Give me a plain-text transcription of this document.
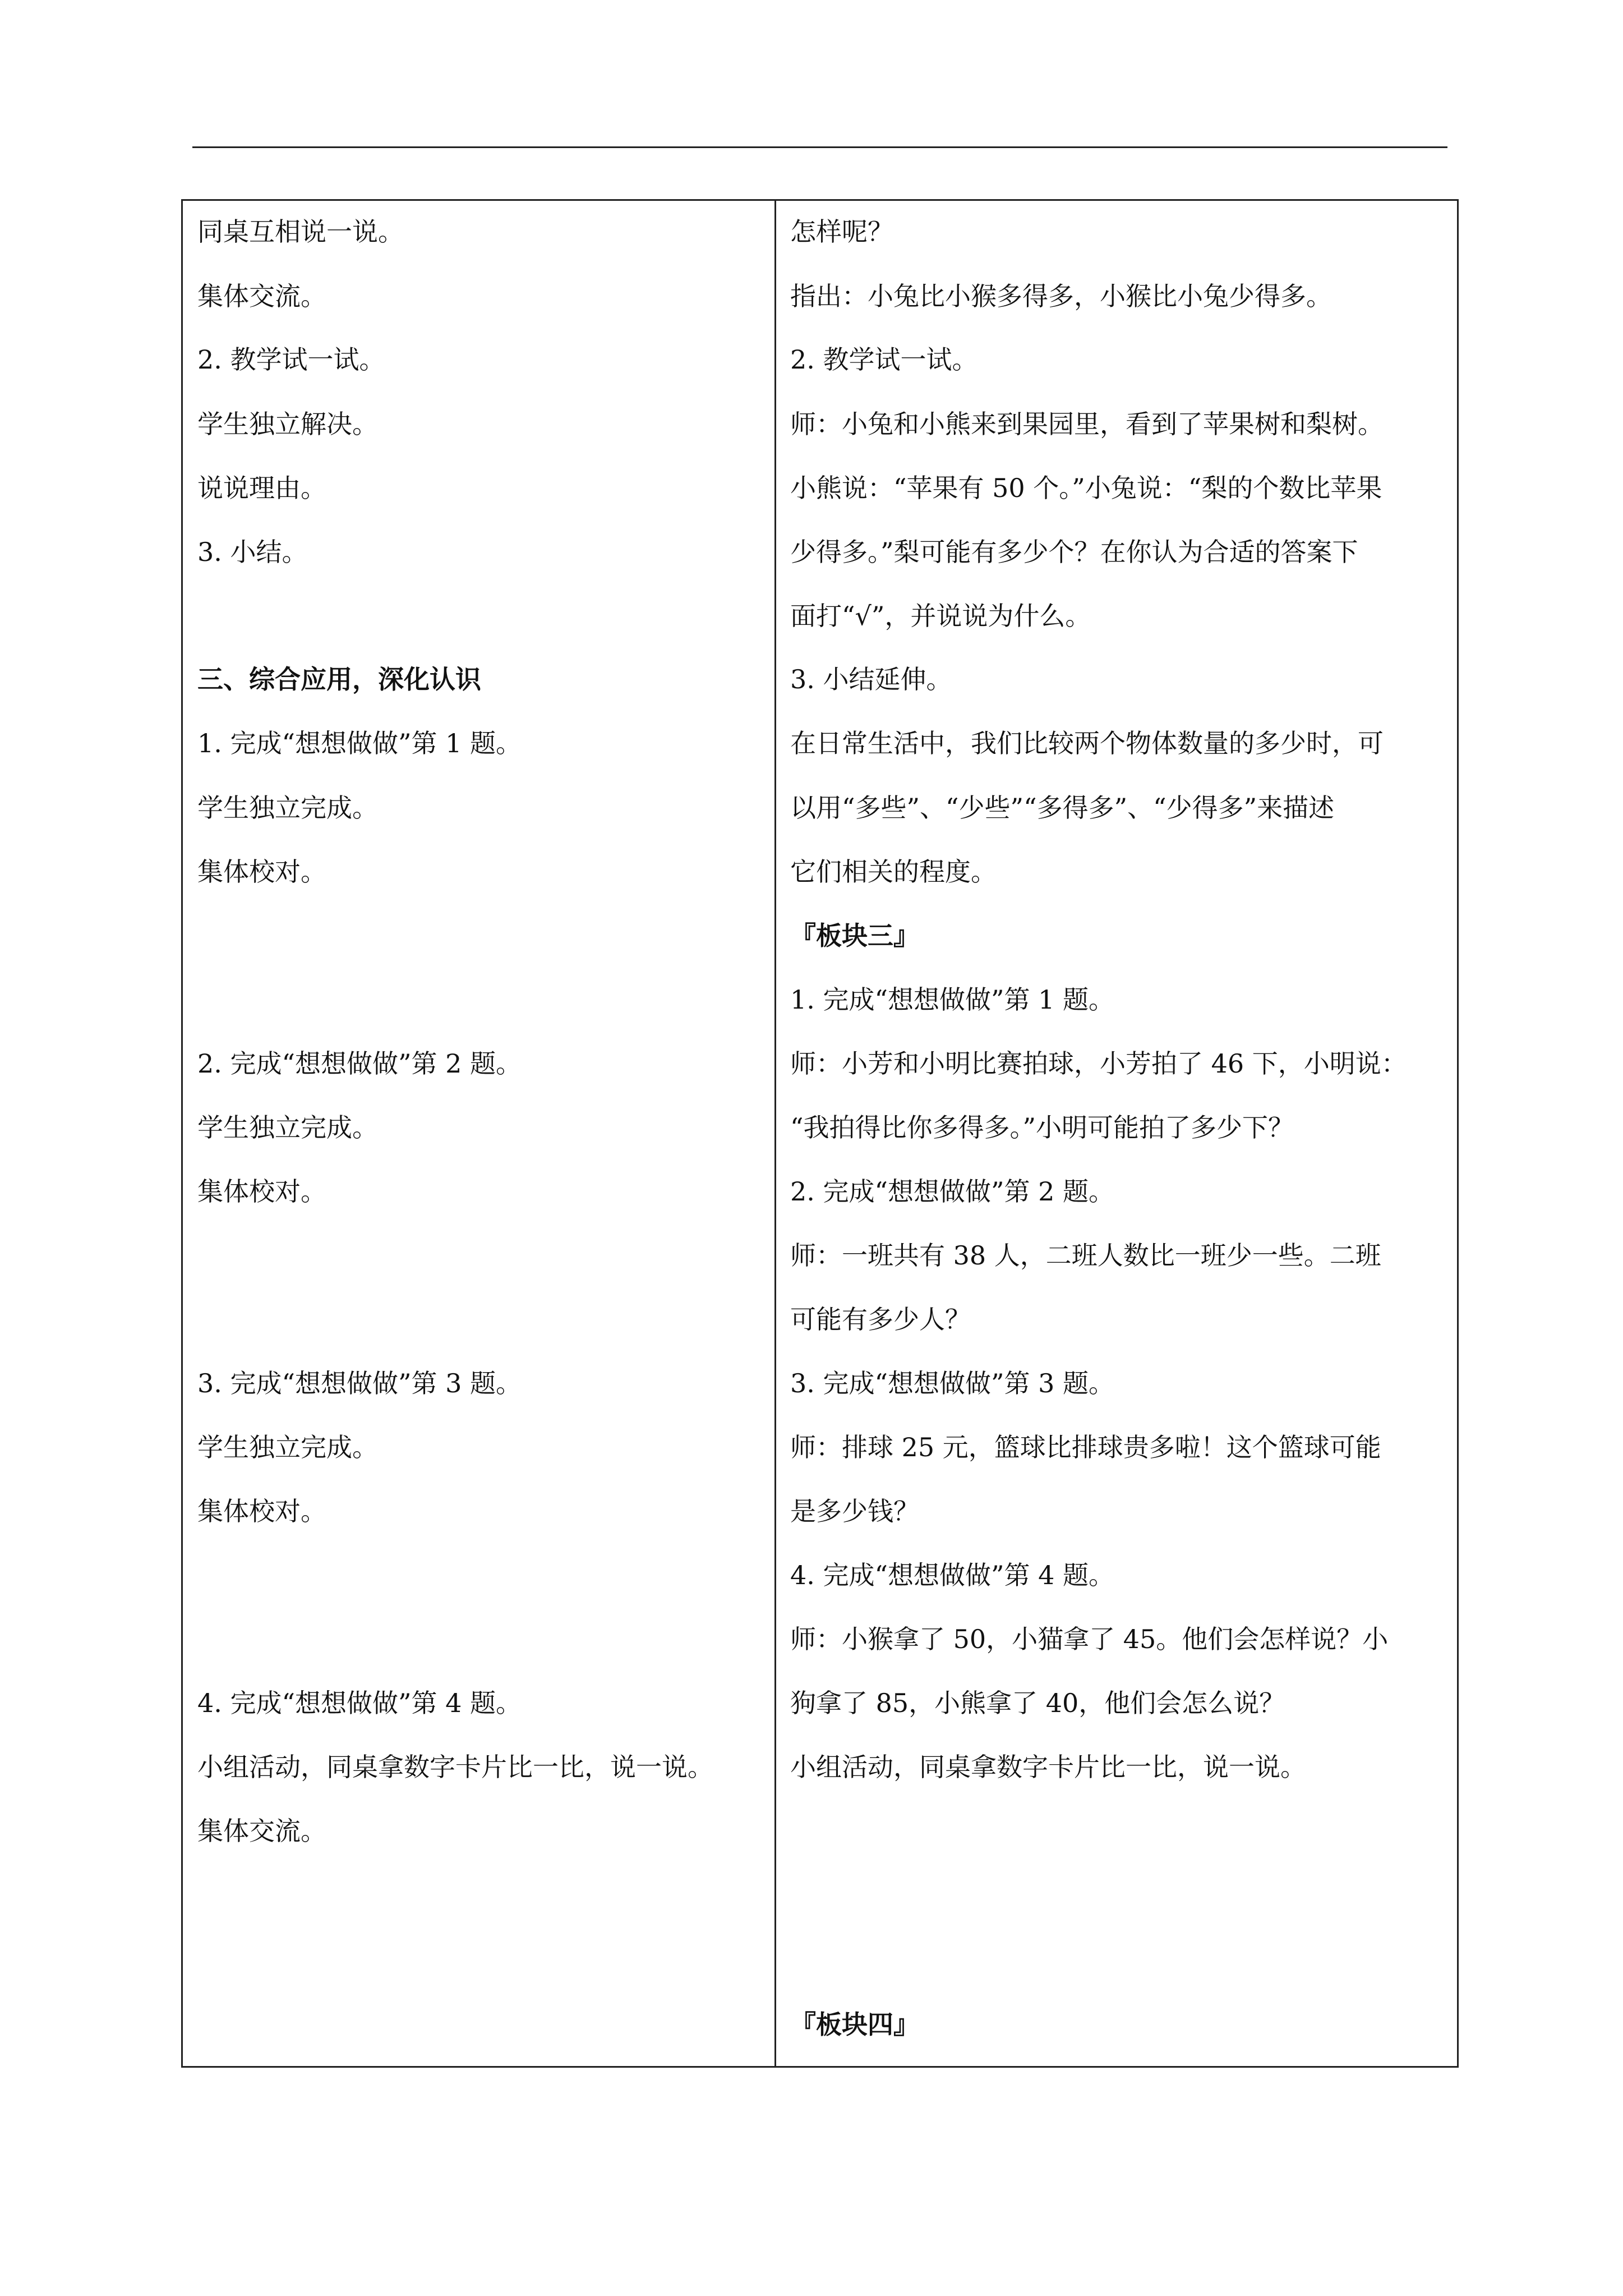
同桌互相说一说。
集体交流。
2. 教学试一试。
学生独立解决。
说说理由。
3. 小结。
三、综合应用，深化认识
1. 完成“想想做做”第 1 题。
学生独立完成。
集体校对。
2. 完成“想想做做”第 2 题。
学生独立完成。
集体校对。
3. 完成“想想做做”第 3 题。
学生独立完成。
集体校对。
4. 完成“想想做做”第 4 题。
小组活动，同桌拿数字卡片比一比，说一说。
集体交流。
怎样呢？
指出：小兔比小猴多得多，小猴比小兔少得多。
2. 教学试一试。
师：小兔和小熊来到果园里，看到了苹果树和梨树。
小熊说：“苹果有 50 个。”小兔说：“梨的个数比苹果
少得多。”梨可能有多少个？在你认为合适的答案下
面打“√”，并说说为什么。
3. 小结延伸。
在日常生活中，我们比较两个物体数量的多少时，可
以用“多些”、“少些”“多得多”、“少得多”来描述
它们相关的程度。
『板块三』
1. 完成“想想做做”第 1 题。
师：小芳和小明比赛拍球，小芳拍了 46 下，小明说：
“我拍得比你多得多。”小明可能拍了多少下？
2. 完成“想想做做”第 2 题。
师：一班共有 38 人，二班人数比一班少一些。二班
可能有多少人？
3. 完成“想想做做”第 3 题。
师：排球 25 元，篮球比排球贵多啦！这个篮球可能
是多少钱？
4. 完成“想想做做”第 4 题。
师：小猴拿了 50，小猫拿了 45。他们会怎样说？小
狗拿了 85，小熊拿了 40，他们会怎么说？
小组活动，同桌拿数字卡片比一比，说一说。
『板块四』
